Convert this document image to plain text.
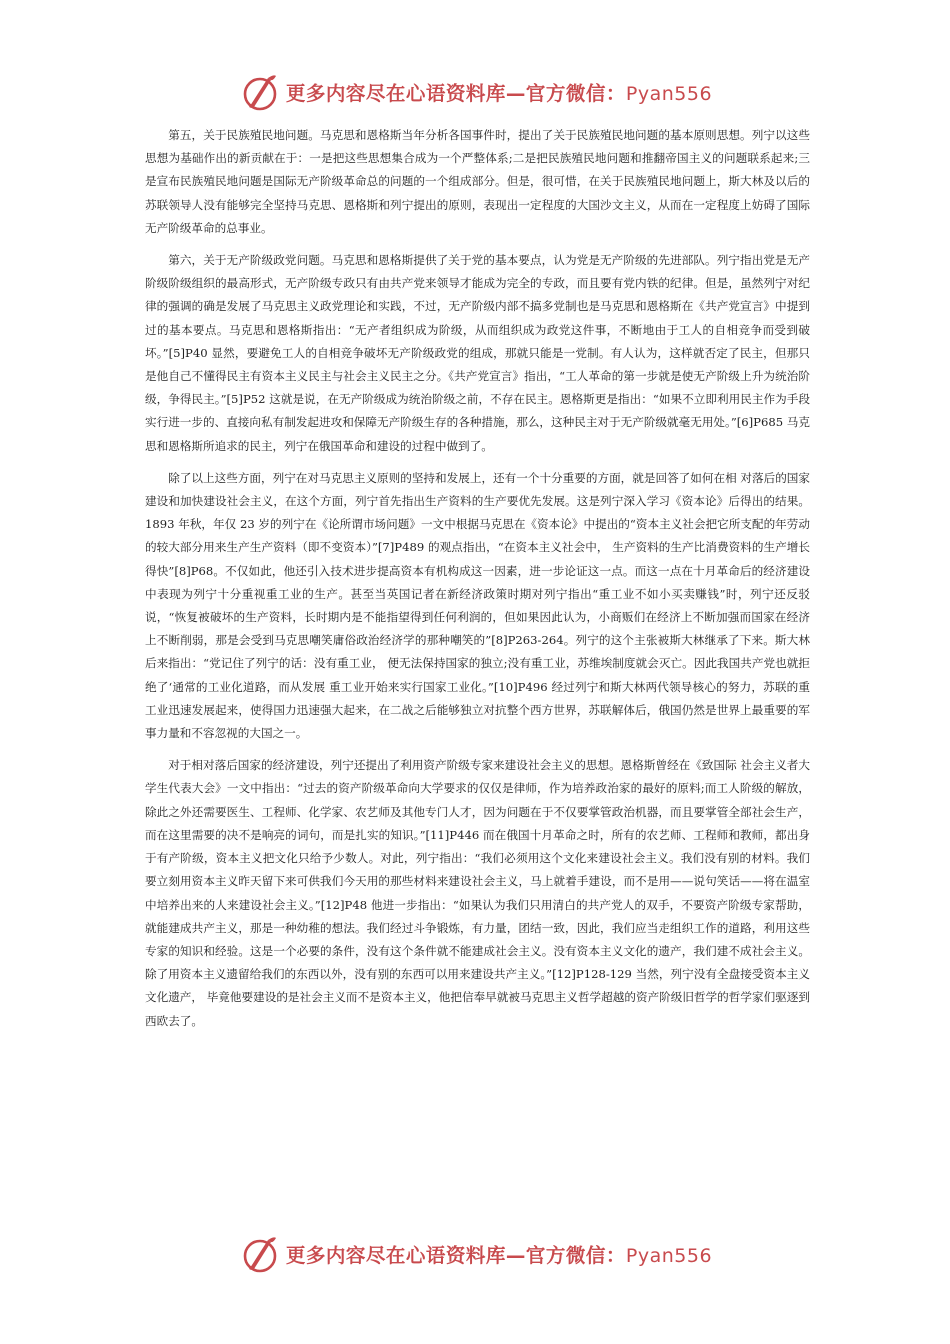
更多内容尽在心语资料库—官方微信：Pyan556

第五，关于民族殖民地问题。马克思和恩格斯当年分析各国事件时，提出了关于民族殖民地问题的基本原则思想。列宁以这些思想为基础作出的新贡献在于：一是把这些思想集合成为一个严整体系;二是把民族殖民地问题和推翻帝国主义的问题联系起来;三是宣布民族殖民地问题是国际无产阶级革命总的问题的一个组成部分。但是，很可惜，在关于民族殖民地问题上，斯大林及以后的苏联领导人没有能够完全坚持马克思、恩格斯和列宁提出的原则，表现出一定程度的大国沙文主义，从而在一定程度上妨碍了国际无产阶级革命的总事业。

第六，关于无产阶级政党问题。马克思和恩格斯提供了关于党的基本要点，认为党是无产阶级的先进部队。列宁指出党是无产阶级阶级组织的最高形式，无产阶级专政只有由共产党来领导才能成为完全的专政，而且要有党内铁的纪律。但是，虽然列宁对纪律的强调的确是发展了马克思主义政党理论和实践，不过，无产阶级内部不搞多党制也是马克思和恩格斯在《共产党宣言》中提到过的基本要点。马克思和恩格斯指出：“无产者组织成为阶级，从而组织成为政党这件事，不断地由于工人的自相竞争而受到破坏。”[5]P40 显然，要避免工人的自相竞争破坏无产阶级政党的组成，那就只能是一党制。有人认为，这样就否定了民主，但那只是他自己不懂得民主有资本主义民主与社会主义民主之分。《共产党宣言》指出，“工人革命的第一步就是使无产阶级上升为统治阶级，争得民主。”[5]P52 这就是说，在无产阶级成为统治阶级之前，不存在民主。恩格斯更是指出：“如果不立即利用民主作为手段实行进一步的、直接向私有制发起进攻和保障无产阶级生存的各种措施，那么，这种民主对于无产阶级就毫无用处。”[6]P685 马克思和恩格斯所追求的民主，列宁在俄国革命和建设的过程中做到了。

除了以上这些方面，列宁在对马克思主义原则的坚持和发展上，还有一个十分重要的方面，就是回答了如何在相 对落后的国家建设和加快建设社会主义，在这个方面，列宁首先指出生产资料的生产要优先发展。这是列宁深入学习《资本论》后得出的结果。1893 年秋，年仅 23 岁的列宁在《论所谓市场问题》一文中根据马克思在《资本论》中提出的“资本主义社会把它所支配的年劳动的较大部分用来生产生产资料（即不变资本）”[7]P489 的观点指出，“在资本主义社会中， 生产资料的生产比消费资料的生产增长得快”[8]P68。不仅如此，他还引入技术进步提高资本有机构成这一因素，进一步论证这一点。而这一点在十月革命后的经济建设中表现为列宁十分重视重工业的生产。甚至当英国记者在新经济政策时期对列宁指出“重工业不如小买卖赚钱”时，列宁还反驳说，“恢复被破坏的生产资料，长时期内是不能指望得到任何利润的，但如果因此认为，小商贩们在经济上不断加强而国家在经济上不断削弱，那是会受到马克思嘲笑庸俗政治经济学的那种嘲笑的”[8]P263-264。列宁的这个主张被斯大林继承了下来。斯大林后来指出：“党记住了列宁的话：没有重工业， 便无法保持国家的独立;没有重工业，苏维埃制度就会灭亡。因此我国共产党也就拒绝了‘通常的工业化道路，而从发展 重工业开始来实行国家工业化。”[10]P496 经过列宁和斯大林两代领导核心的努力，苏联的重工业迅速发展起来，使得国力迅速强大起来，在二战之后能够独立对抗整个西方世界，苏联解体后，俄国仍然是世界上最重要的军事力量和不容忽视的大国之一。

对于相对落后国家的经济建设，列宁还提出了利用资产阶级专家来建设社会主义的思想。恩格斯曾经在《致国际 社会主义者大学生代表大会》一文中指出：“过去的资产阶级革命向大学要求的仅仅是律师，作为培养政治家的最好的原料;而工人阶级的解放，除此之外还需要医生、工程师、化学家、农艺师及其他专门人才，因为问题在于不仅要掌管政治机器，而且要掌管全部社会生产，而在这里需要的决不是响亮的词句，而是扎实的知识。”[11]P446 而在俄国十月革命之时，所有的农艺师、工程师和教师，都出身于有产阶级，资本主义把文化只给予少数人。对此，列宁指出：“我们必须用这个文化来建设社会主义。我们没有别的材料。我们要立刻用资本主义昨天留下来可供我们今天用的那些材料来建设社会主义，马上就着手建设，而不是用——说句笑话——将在温室中培养出来的人来建设社会主义。”[12]P48 他进一步指出：“如果认为我们只用清白的共产党人的双手，不要资产阶级专家帮助，就能建成共产主义，那是一种幼稚的想法。我们经过斗争锻炼，有力量，团结一致，因此，我们应当走组织工作的道路，利用这些专家的知识和经验。这是一个必要的条件，没有这个条件就不能建成社会主义。没有资本主义文化的遗产，我们建不成社会主义。除了用资本主义遗留给我们的东西以外，没有别的东西可以用来建设共产主义。”[12]P128-129 当然，列宁没有全盘接受资本主义文化遗产， 毕竟他要建设的是社会主义而不是资本主义，他把信奉早就被马克思主义哲学超越的资产阶级旧哲学的哲学家们驱逐到西欧去了。

更多内容尽在心语资料库—官方微信：Pyan556
